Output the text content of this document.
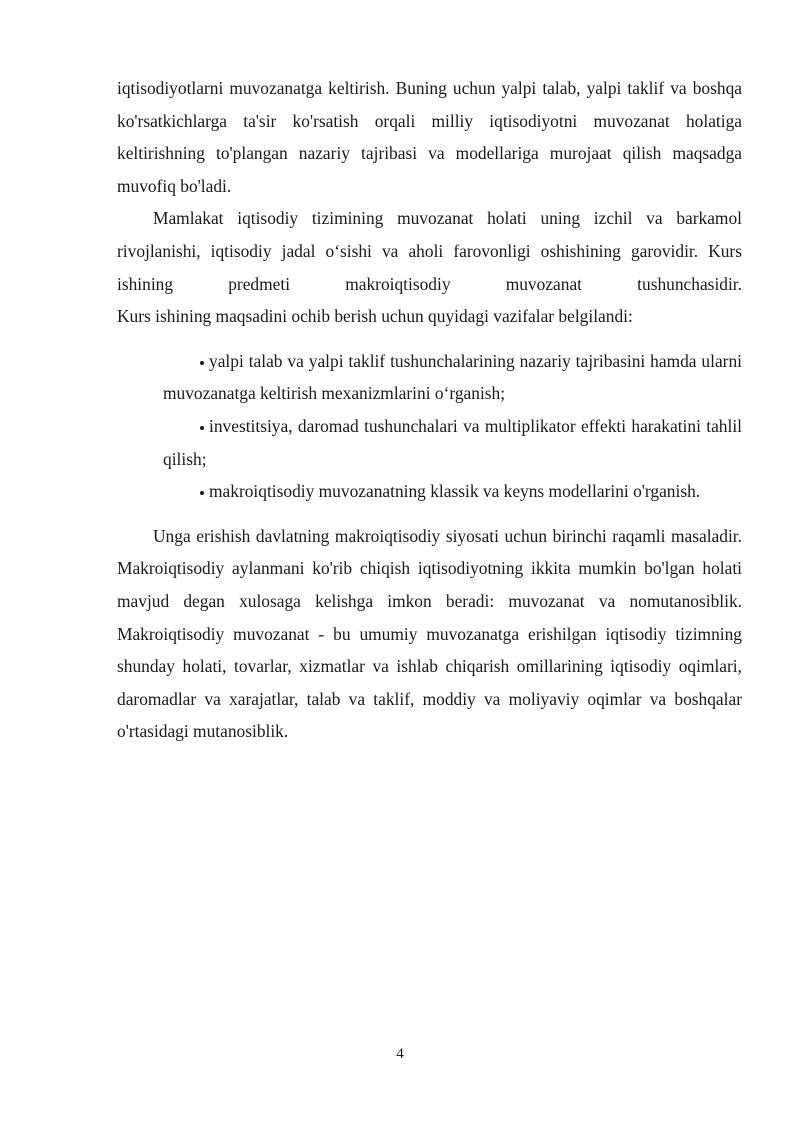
iqtisodiyotlarni muvozanatga keltirish. Buning uchun yalpi talab, yalpi taklif va boshqa ko'rsatkichlarga ta'sir ko'rsatish orqali milliy iqtisodiyotni muvozanat holatiga keltirishning to'plangan nazariy tajribasi va modellariga murojaat qilish maqsadga muvofiq bo'ladi.

Mamlakat iqtisodiy tizimining muvozanat holati uning izchil va barkamol rivojlanishi, iqtisodiy jadal o‘sishi va aholi farovonligi oshishining garovidir. Kurs ishining predmeti makroiqtisodiy muvozanat tushunchasidir.

Kurs ishining maqsadini ochib berish uchun quyidagi vazifalar belgilandi:

yalpi talab va yalpi taklif tushunchalarining nazariy tajribasini hamda ularni muvozanatga keltirish mexanizmlarini o‘rganish;
investitsiya, daromad tushunchalari va multiplikator effekti harakatini tahlil qilish;
makroiqtisodiy muvozanatning klassik va keyns modellarini o'rganish.

Unga erishish davlatning makroiqtisodiy siyosati uchun birinchi raqamli masaladir. Makroiqtisodiy aylanmani ko'rib chiqish iqtisodiyotning ikkita mumkin bo'lgan holati mavjud degan xulosaga kelishga imkon beradi: muvozanat va nomutanosiblik. Makroiqtisodiy muvozanat - bu umumiy muvozanatga erishilgan iqtisodiy tizimning shunday holati, tovarlar, xizmatlar va ishlab chiqarish omillarining iqtisodiy oqimlari, daromadlar va xarajatlar, talab va taklif, moddiy va moliyaviy oqimlar va boshqalar o'rtasidagi mutanosiblik.

4
